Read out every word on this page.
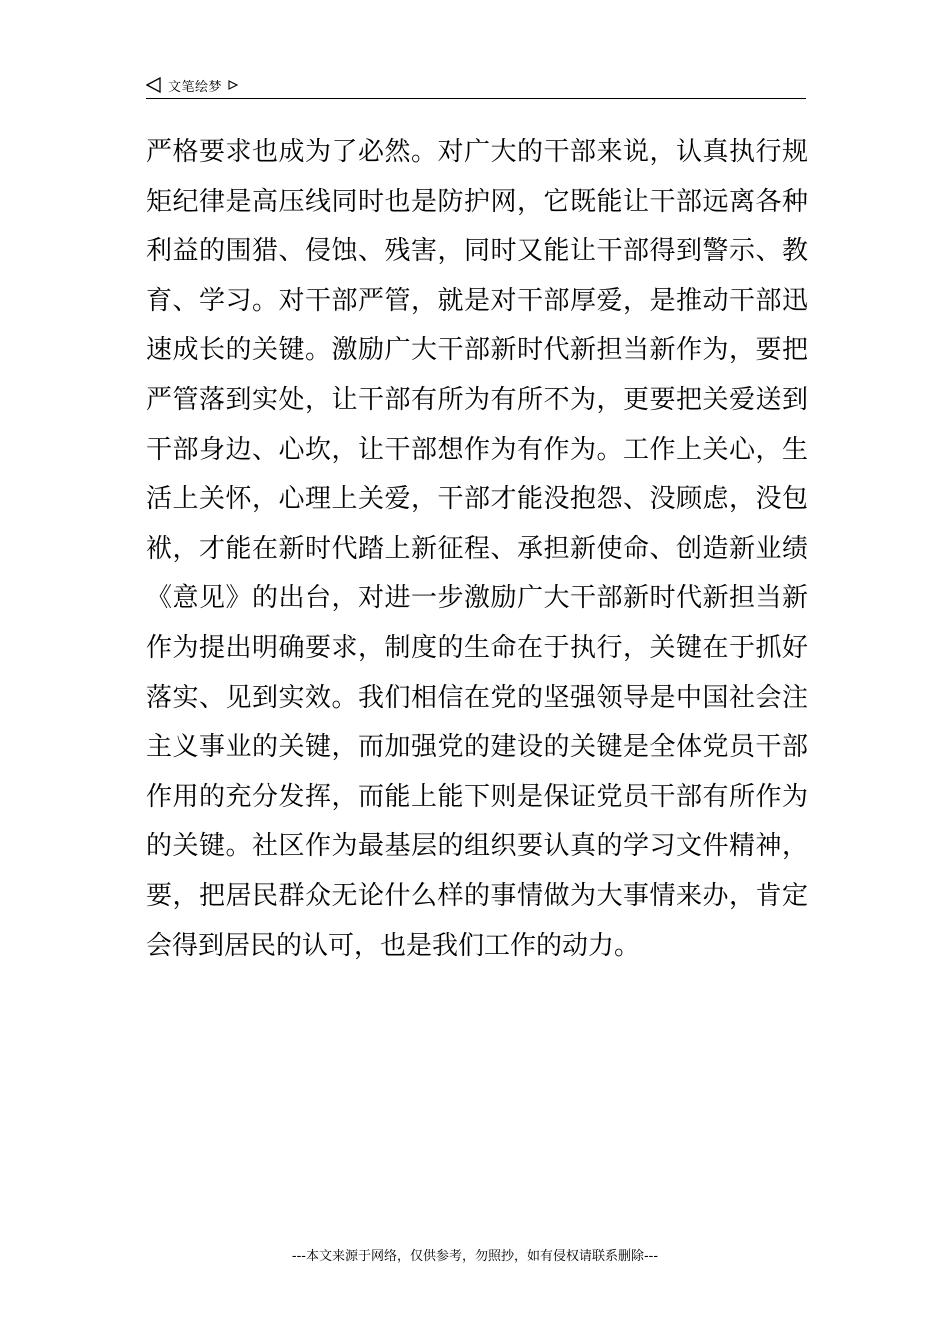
文笔绘梦
严格要求也成为了必然。对广大的干部来说，认真执行规
矩纪律是高压线同时也是防护网，它既能让干部远离各种
利益的围猎、侵蚀、残害，同时又能让干部得到警示、教
育、学习。对干部严管，就是对干部厚爱，是推动干部迅
速成长的关键。激励广大干部新时代新担当新作为，要把
严管落到实处，让干部有所为有所不为，更要把关爱送到
干部身边、心坎，让干部想作为有作为。工作上关心，生
活上关怀，心理上关爱，干部才能没抱怨、没顾虑，没包
袱，才能在新时代踏上新征程、承担新使命、创造新业绩
《意见》的出台，对进一步激励广大干部新时代新担当新
作为提出明确要求，制度的生命在于执行，关键在于抓好
落实、见到实效。我们相信在党的坚强领导是中国社会注
主义事业的关键，而加强党的建设的关键是全体党员干部
作用的充分发挥，而能上能下则是保证党员干部有所作为
的关键。社区作为最基层的组织要认真的学习文件精神，
要，把居民群众无论什么样的事情做为大事情来办，肯定
会得到居民的认可，也是我们工作的动力。
---本文来源于网络，仅供参考，勿照抄，如有侵权请联系删除---
